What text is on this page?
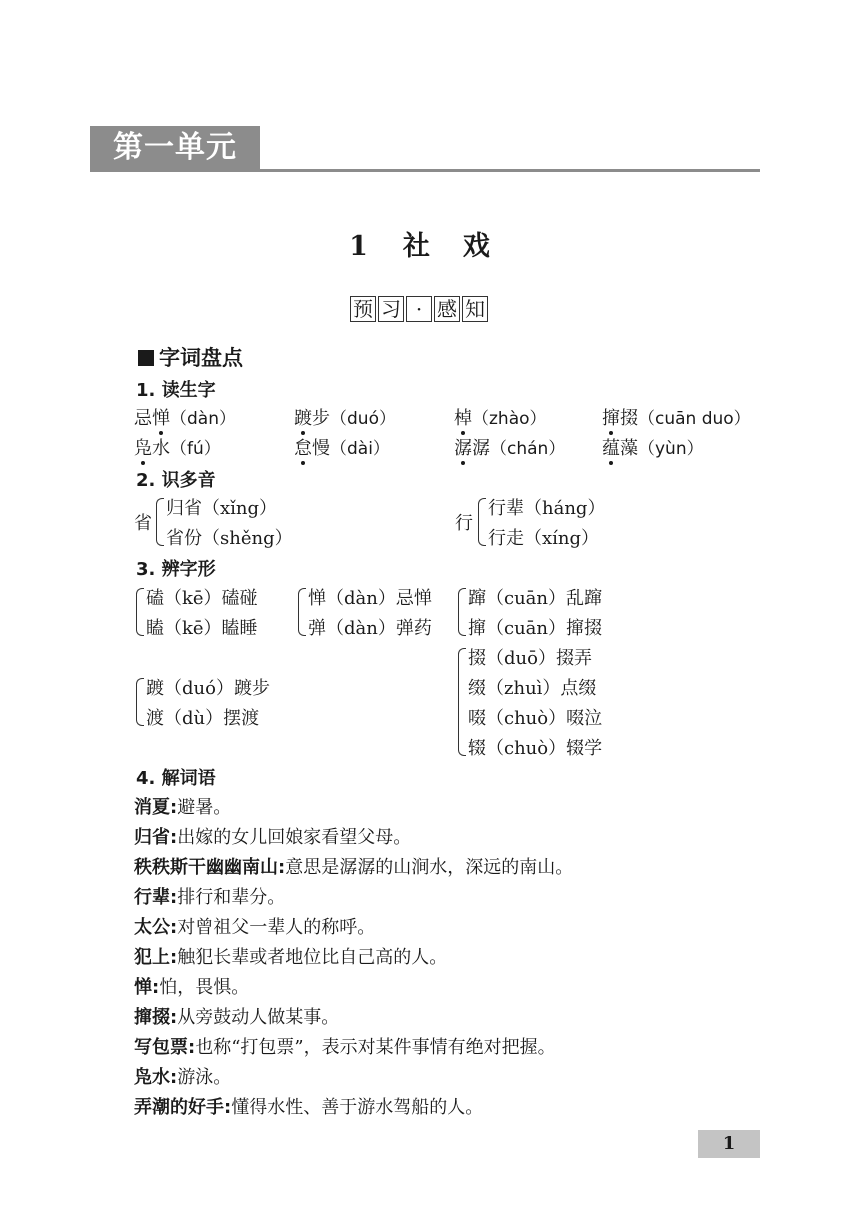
第一单元
1 社 戏
预 习 · 感 知
字词盘点
1. 读生字
忌惮（dàn）	踱步（duó）	棹（zhào）	撺掇（cuān duo）
凫水（fú）	怠慢（dài）	潺潺（chán） 蕴藻（yùn）
2. 识多音
省
归省（xǐng）
省份（shěng）
行
行辈（háng）
行走（xíng）
3. 辨字形
磕（kē）磕碰
瞌（kē）瞌睡
惮（dàn）忌惮
弹（dàn）弹药
蹿（cuān）乱蹿
撺（cuān）撺掇
踱（duó）踱步
渡（dù）摆渡
掇（duō）掇弄
缀（zhuì）点缀
啜（chuò）啜泣
辍（chuò）辍学
4. 解词语
消夏:避暑。
归省:出嫁的女儿回娘家看望父母。
秩秩斯干幽幽南山:意思是潺潺的山涧水，深远的南山。
行辈:排行和辈分。
太公:对曾祖父一辈人的称呼。
犯上:触犯长辈或者地位比自己高的人。
惮:怕，畏惧。
撺掇:从旁鼓动人做某事。
写包票:也称“打包票”，表示对某件事情有绝对把握。
凫水:游泳。
弄潮的好手:懂得水性、善于游水驾船的人。
1
